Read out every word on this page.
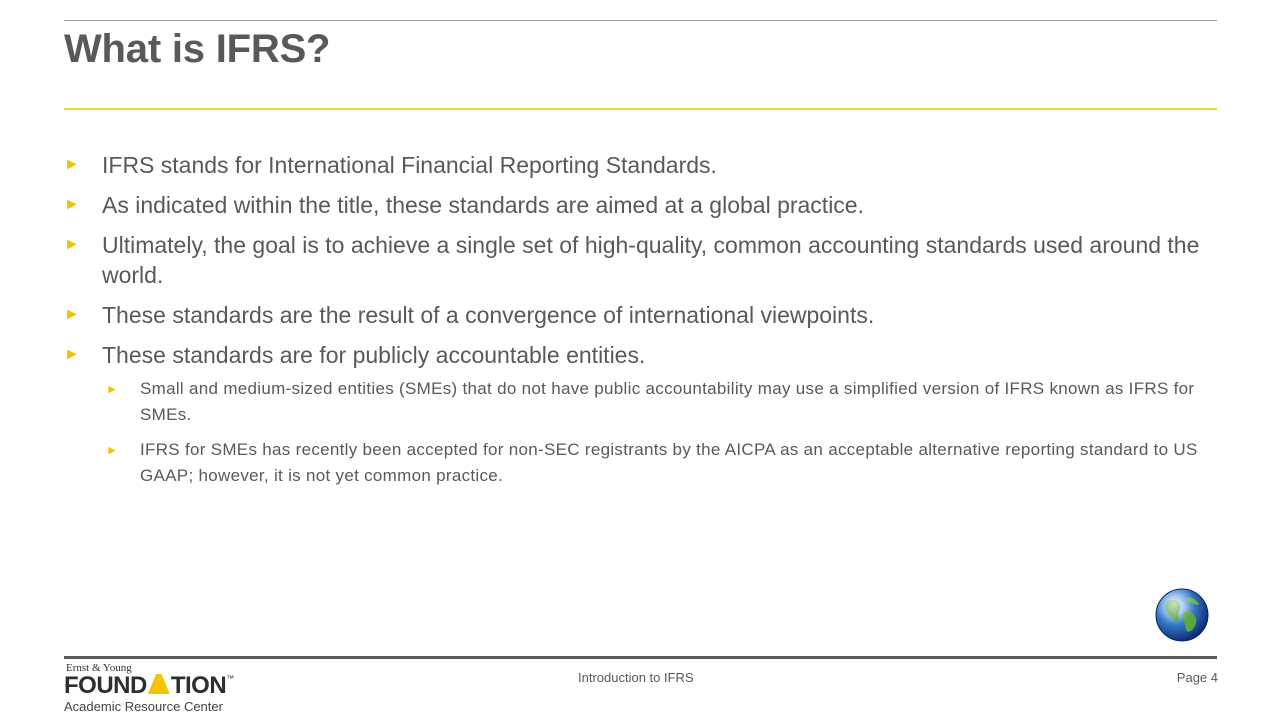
What is IFRS?
► IFRS stands for International Financial Reporting Standards.
► As indicated within the title, these standards are aimed at a global practice.
► Ultimately, the goal is to achieve a single set of high-quality, common accounting standards used around the world.
► These standards are the result of a convergence of international viewpoints.
► These standards are for publicly accountable entities.
► Small and medium-sized entities (SMEs) that do not have public accountability may use a simplified version of IFRS known as IFRS for SMEs.
► IFRS for SMEs has recently been accepted for non-SEC registrants by the AICPA as an acceptable alternative reporting standard to US GAAP; however, it is not yet common practice.
Ernst & Young
FOUND TION™
Academic Resource Center
Introduction to IFRS	Page 4
